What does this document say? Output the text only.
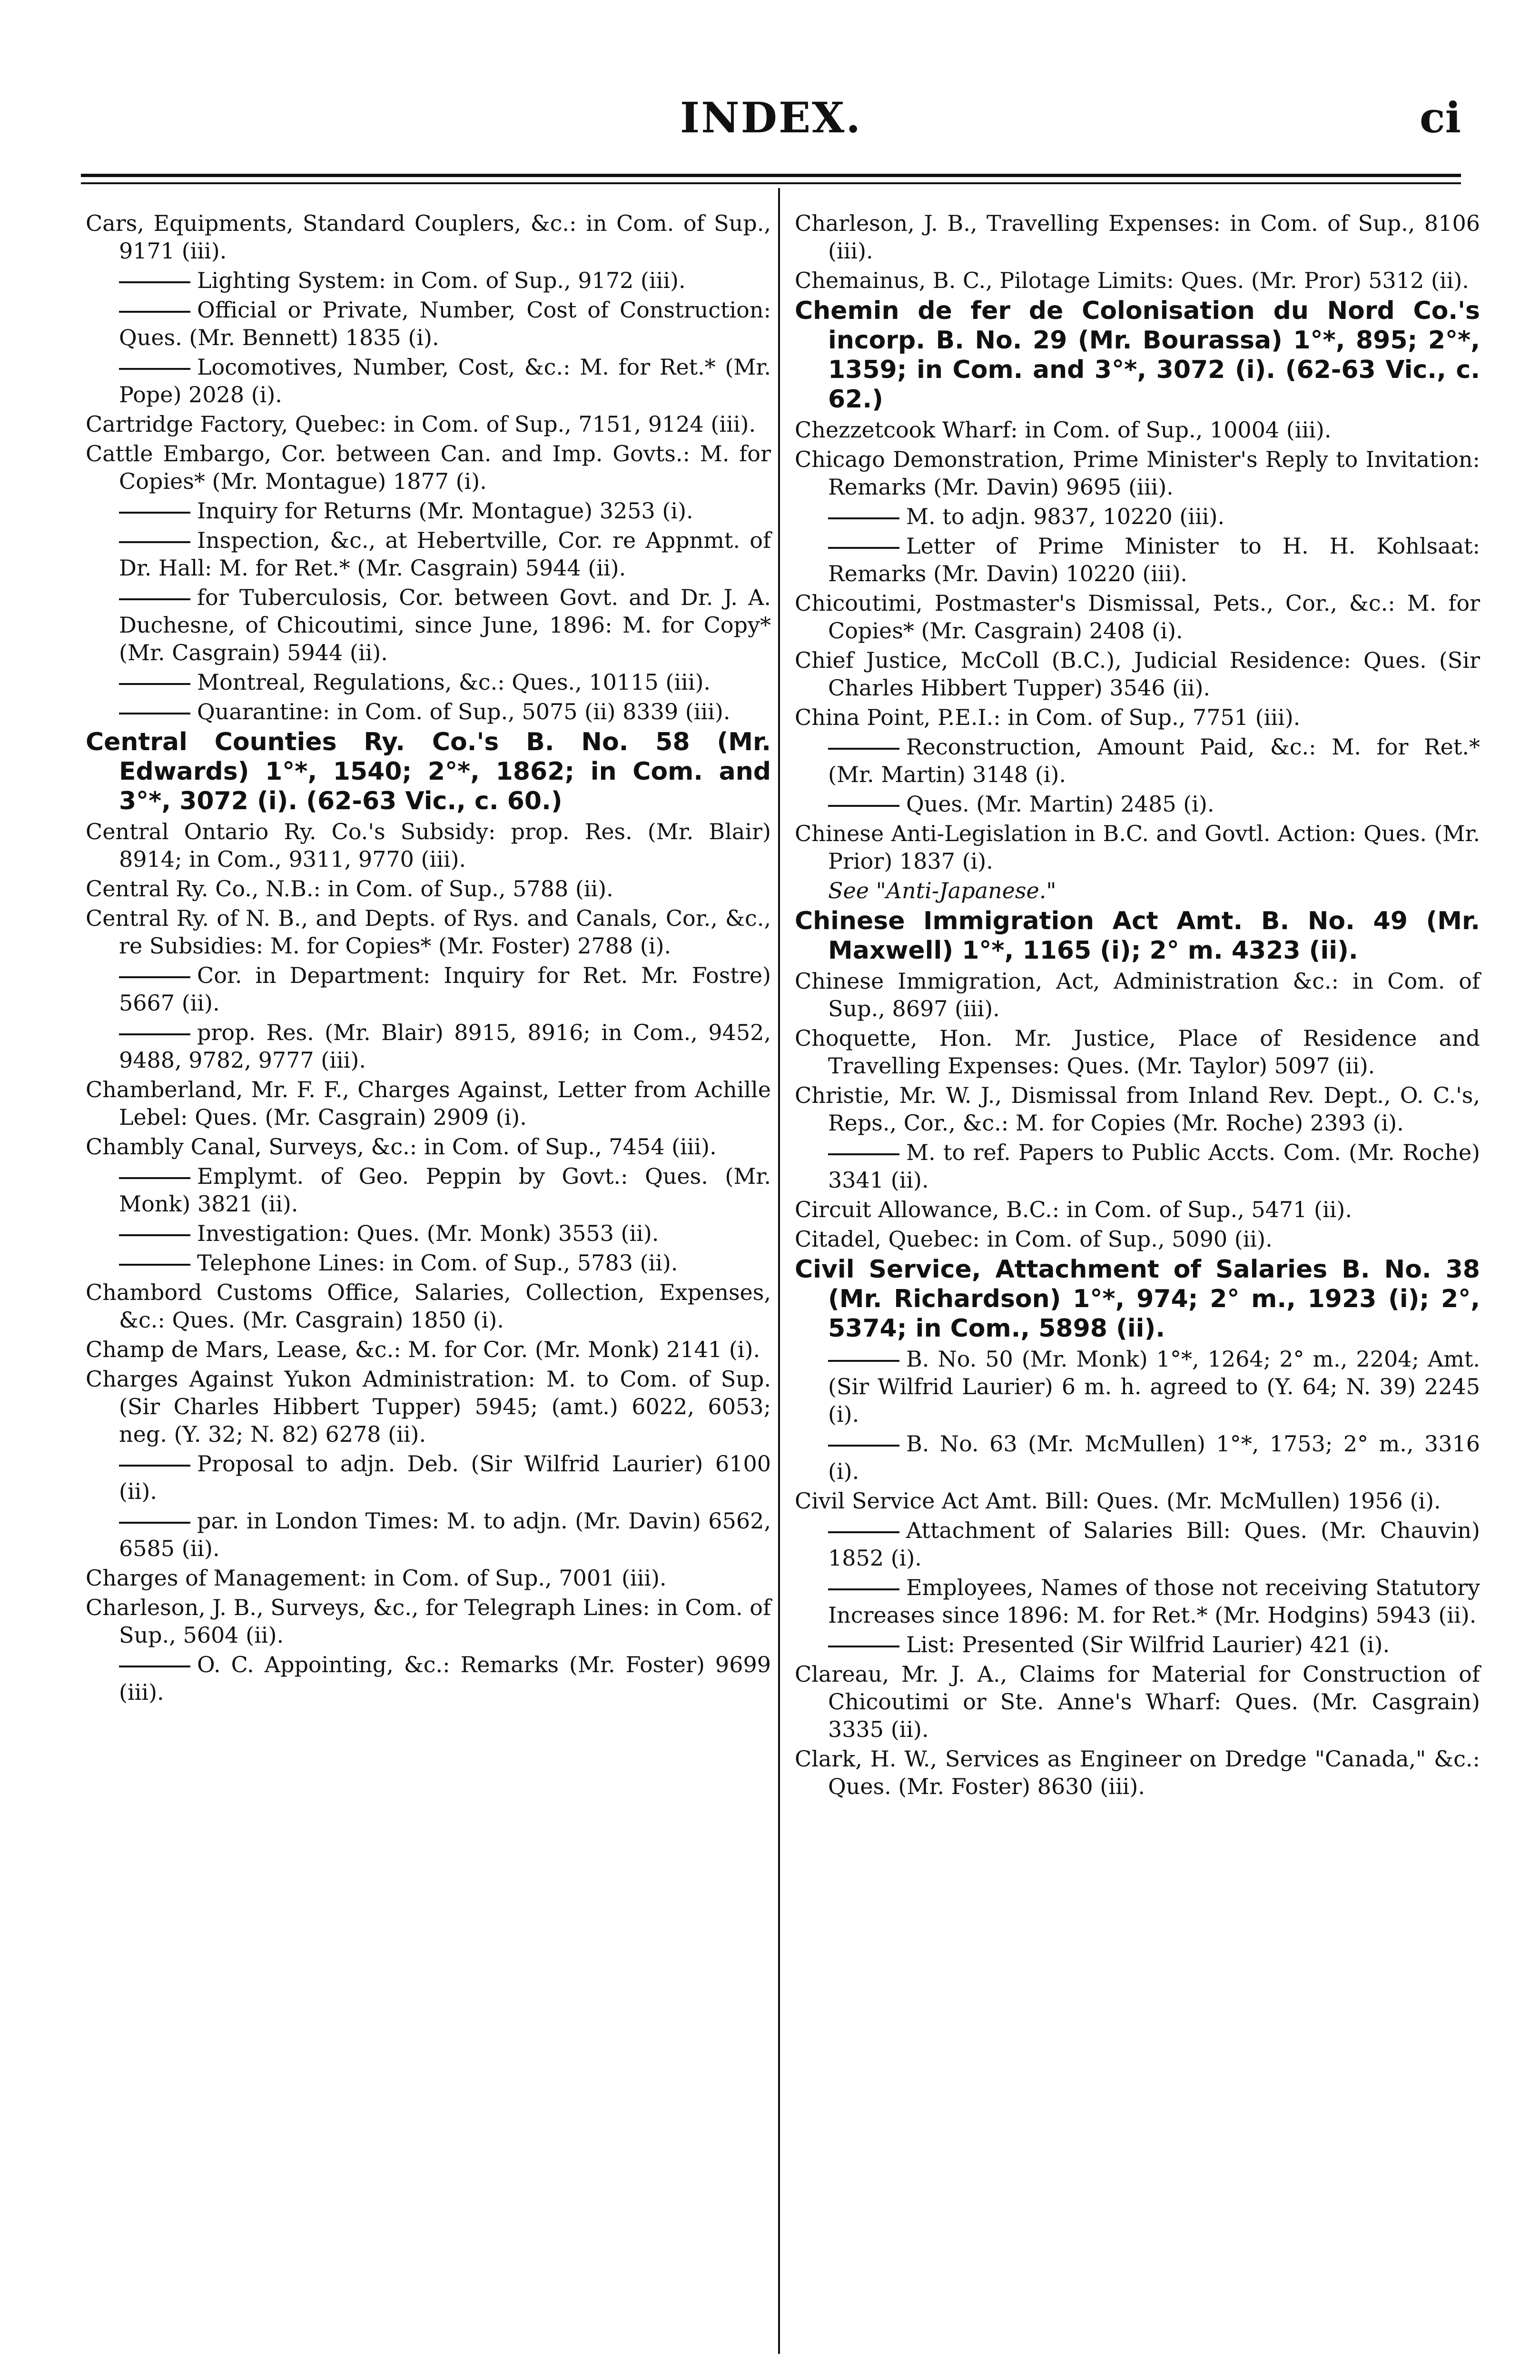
INDEX.	ci

Cars, Equipments, Standard Couplers, &c.: in Com. of Sup., 9171 (iii).

Lighting System: in Com. of Sup., 9172 (iii).

Official or Private, Number, Cost of Construction: Ques. (Mr. Bennett) 1835 (i).

Locomotives, Number, Cost, &c.: M. for Ret.* (Mr. Pope) 2028 (i).

Cartridge Factory, Quebec: in Com. of Sup., 7151, 9124 (iii).

Cattle Embargo, Cor. between Can. and Imp. Govts.: M. for Copies* (Mr. Montague) 1877 (i).

Inquiry for Returns (Mr. Montague) 3253 (i).

Inspection, &c., at Hebertville, Cor. re Appnmt. of Dr. Hall: M. for Ret.* (Mr. Casgrain) 5944 (ii).

for Tuberculosis, Cor. between Govt. and Dr. J. A. Duchesne, of Chicoutimi, since June, 1896: M. for Copy* (Mr. Casgrain) 5944 (ii).

Montreal, Regulations, &c.: Ques., 10115 (iii).

Quarantine: in Com. of Sup., 5075 (ii) 8339 (iii).

Central Counties Ry. Co.'s B. No. 58 (Mr. Edwards) 1°*, 1540; 2°*, 1862; in Com. and 3°*, 3072 (i). (62-63 Vic., c. 60.)

Central Ontario Ry. Co.'s Subsidy: prop. Res. (Mr. Blair) 8914; in Com., 9311, 9770 (iii).

Central Ry. Co., N.B.: in Com. of Sup., 5788 (ii).

Central Ry. of N. B., and Depts. of Rys. and Canals, Cor., &c., re Subsidies: M. for Copies* (Mr. Foster) 2788 (i).

Cor. in Department: Inquiry for Ret. Mr. Fostre) 5667 (ii).

prop. Res. (Mr. Blair) 8915, 8916; in Com., 9452, 9488, 9782, 9777 (iii).

Chamberland, Mr. F. F., Charges Against, Letter from Achille Lebel: Ques. (Mr. Casgrain) 2909 (i).

Chambly Canal, Surveys, &c.: in Com. of Sup., 7454 (iii).

Emplymt. of Geo. Peppin by Govt.: Ques. (Mr. Monk) 3821 (ii).

Investigation: Ques. (Mr. Monk) 3553 (ii).

Telephone Lines: in Com. of Sup., 5783 (ii).

Chambord Customs Office, Salaries, Collection, Expenses, &c.: Ques. (Mr. Casgrain) 1850 (i).

Champ de Mars, Lease, &c.: M. for Cor. (Mr. Monk) 2141 (i).

Charges Against Yukon Administration: M. to Com. of Sup. (Sir Charles Hibbert Tupper) 5945; (amt.) 6022, 6053; neg. (Y. 32; N. 82) 6278 (ii).

Proposal to adjn. Deb. (Sir Wilfrid Laurier) 6100 (ii).

par. in London Times: M. to adjn. (Mr. Davin) 6562, 6585 (ii).

Charges of Management: in Com. of Sup., 7001 (iii).

Charleson, J. B., Surveys, &c., for Telegraph Lines: in Com. of Sup., 5604 (ii).

O. C. Appointing, &c.: Remarks (Mr. Foster) 9699 (iii).

Charleson, J. B., Travelling Expenses: in Com. of Sup., 8106 (iii).

Chemainus, B. C., Pilotage Limits: Ques. (Mr. Pror) 5312 (ii).

Chemin de fer de Colonisation du Nord Co.'s incorp. B. No. 29 (Mr. Bourassa) 1°*, 895; 2°*, 1359; in Com. and 3°*, 3072 (i). (62-63 Vic., c. 62.)

Chezzetcook Wharf: in Com. of Sup., 10004 (iii).

Chicago Demonstration, Prime Minister's Reply to Invitation: Remarks (Mr. Davin) 9695 (iii).

M. to adjn. 9837, 10220 (iii).

Letter of Prime Minister to H. H. Kohlsaat: Remarks (Mr. Davin) 10220 (iii).

Chicoutimi, Postmaster's Dismissal, Pets., Cor., &c.: M. for Copies* (Mr. Casgrain) 2408 (i).

Chief Justice, McColl (B.C.), Judicial Residence: Ques. (Sir Charles Hibbert Tupper) 3546 (ii).

China Point, P.E.I.: in Com. of Sup., 7751 (iii).

Reconstruction, Amount Paid, &c.: M. for Ret.* (Mr. Martin) 3148 (i).

Ques. (Mr. Martin) 2485 (i).

Chinese Anti-Legislation in B.C. and Govtl. Action: Ques. (Mr. Prior) 1837 (i).

See "Anti-Japanese."

Chinese Immigration Act Amt. B. No. 49 (Mr. Maxwell) 1°*, 1165 (i); 2° m. 4323 (ii).

Chinese Immigration, Act, Administration &c.: in Com. of Sup., 8697 (iii).

Choquette, Hon. Mr. Justice, Place of Residence and Travelling Expenses: Ques. (Mr. Taylor) 5097 (ii).

Christie, Mr. W. J., Dismissal from Inland Rev. Dept., O. C.'s, Reps., Cor., &c.: M. for Copies (Mr. Roche) 2393 (i).

M. to ref. Papers to Public Accts. Com. (Mr. Roche) 3341 (ii).

Circuit Allowance, B.C.: in Com. of Sup., 5471 (ii).

Citadel, Quebec: in Com. of Sup., 5090 (ii).

Civil Service, Attachment of Salaries B. No. 38 (Mr. Richardson) 1°*, 974; 2° m., 1923 (i); 2°, 5374; in Com., 5898 (ii).

B. No. 50 (Mr. Monk) 1°*, 1264; 2° m., 2204; Amt. (Sir Wilfrid Laurier) 6 m. h. agreed to (Y. 64; N. 39) 2245 (i).

B. No. 63 (Mr. McMullen) 1°*, 1753; 2° m., 3316 (i).

Civil Service Act Amt. Bill: Ques. (Mr. McMullen) 1956 (i).

Attachment of Salaries Bill: Ques. (Mr. Chauvin) 1852 (i).

Employees, Names of those not receiving Statutory Increases since 1896: M. for Ret.* (Mr. Hodgins) 5943 (ii).

List: Presented (Sir Wilfrid Laurier) 421 (i).

Clareau, Mr. J. A., Claims for Material for Construction of Chicoutimi or Ste. Anne's Wharf: Ques. (Mr. Casgrain) 3335 (ii).

Clark, H. W., Services as Engineer on Dredge "Canada," &c.: Ques. (Mr. Foster) 8630 (iii).
